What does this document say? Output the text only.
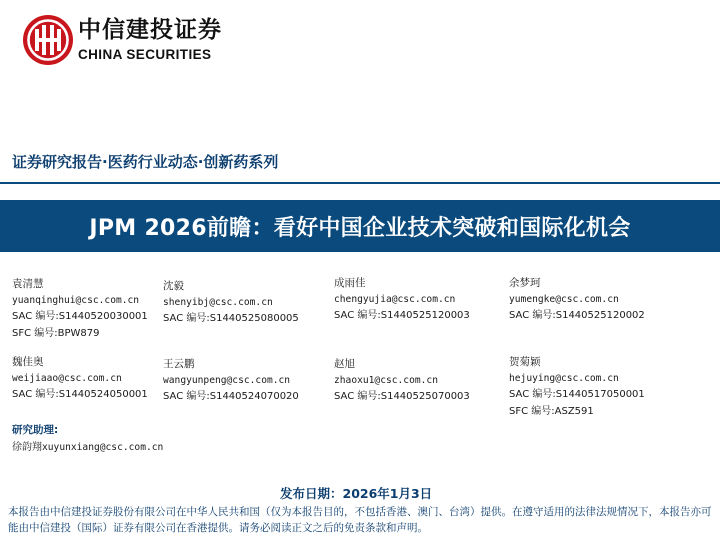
中信建投证券
CHINA SECURITIES
证券研究报告·医药行业动态·创新药系列
JPM 2026前瞻：看好中国企业技术突破和国际化机会
袁清慧
yuanqinghui@csc.com.cn
SAC 编号:S1440520030001
SFC 编号:BPW879
沈毅
shenyibj@csc.com.cn
SAC 编号:S1440525080005
成雨佳
chengyujia@csc.com.cn
SAC 编号:S1440525120003
余梦珂
yumengke@csc.com.cn
SAC 编号:S1440525120002
魏佳奥
weijiaao@csc.com.cn
SAC 编号:S1440524050001
王云鹏
wangyunpeng@csc.com.cn
SAC 编号:S1440524070020
赵旭
zhaoxu1@csc.com.cn
SAC 编号:S1440525070003
贺菊颖
hejuying@csc.com.cn
SAC 编号:S1440517050001
SFC 编号:ASZ591
研究助理:
徐韵翔xuyunxiang@csc.com.cn
发布日期：2026年1月3日
本报告由中信建投证券股份有限公司在中华人民共和国（仅为本报告目的，不包括香港、澳门、台湾）提供。在遵守适用的法律法规情况下，本报告亦可能由中信建投（国际）证券有限公司在香港提供。请务必阅读正文之后的免责条款和声明。
